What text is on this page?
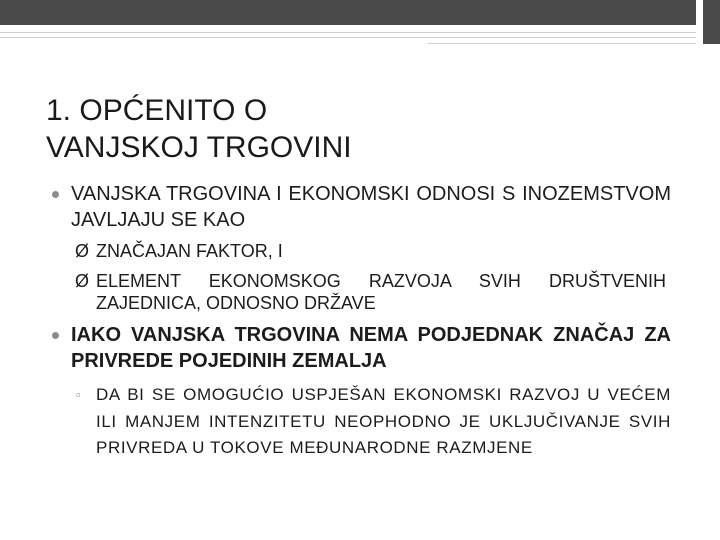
1. OPĆENITO O
VANJSKOJ TRGOVINI
VANJSKA TRGOVINA I EKONOMSKI ODNOSI S INOZEMSTVOM JAVLJAJU SE KAO
Ø ZNAČAJAN FAKTOR, I
Ø ELEMENT EKONOMSKOG RAZVOJA SVIH DRUŠTVENIH ZAJEDNICA, ODNOSNO DRŽAVE
IAKO VANJSKA TRGOVINA NEMA PODJEDNAK ZNAČAJ ZA PRIVREDE POJEDINIH ZEMALJA
▫ DA BI SE OMOGUĆIO USPJEŠAN EKONOMSKI RAZVOJ U VEĆEM ILI MANJEM INTENZITETU NEOPHODNO JE UKLJUČIVANJE SVIH PRIVREDA U TOKOVE MEĐUNARODNE RAZMJENE
